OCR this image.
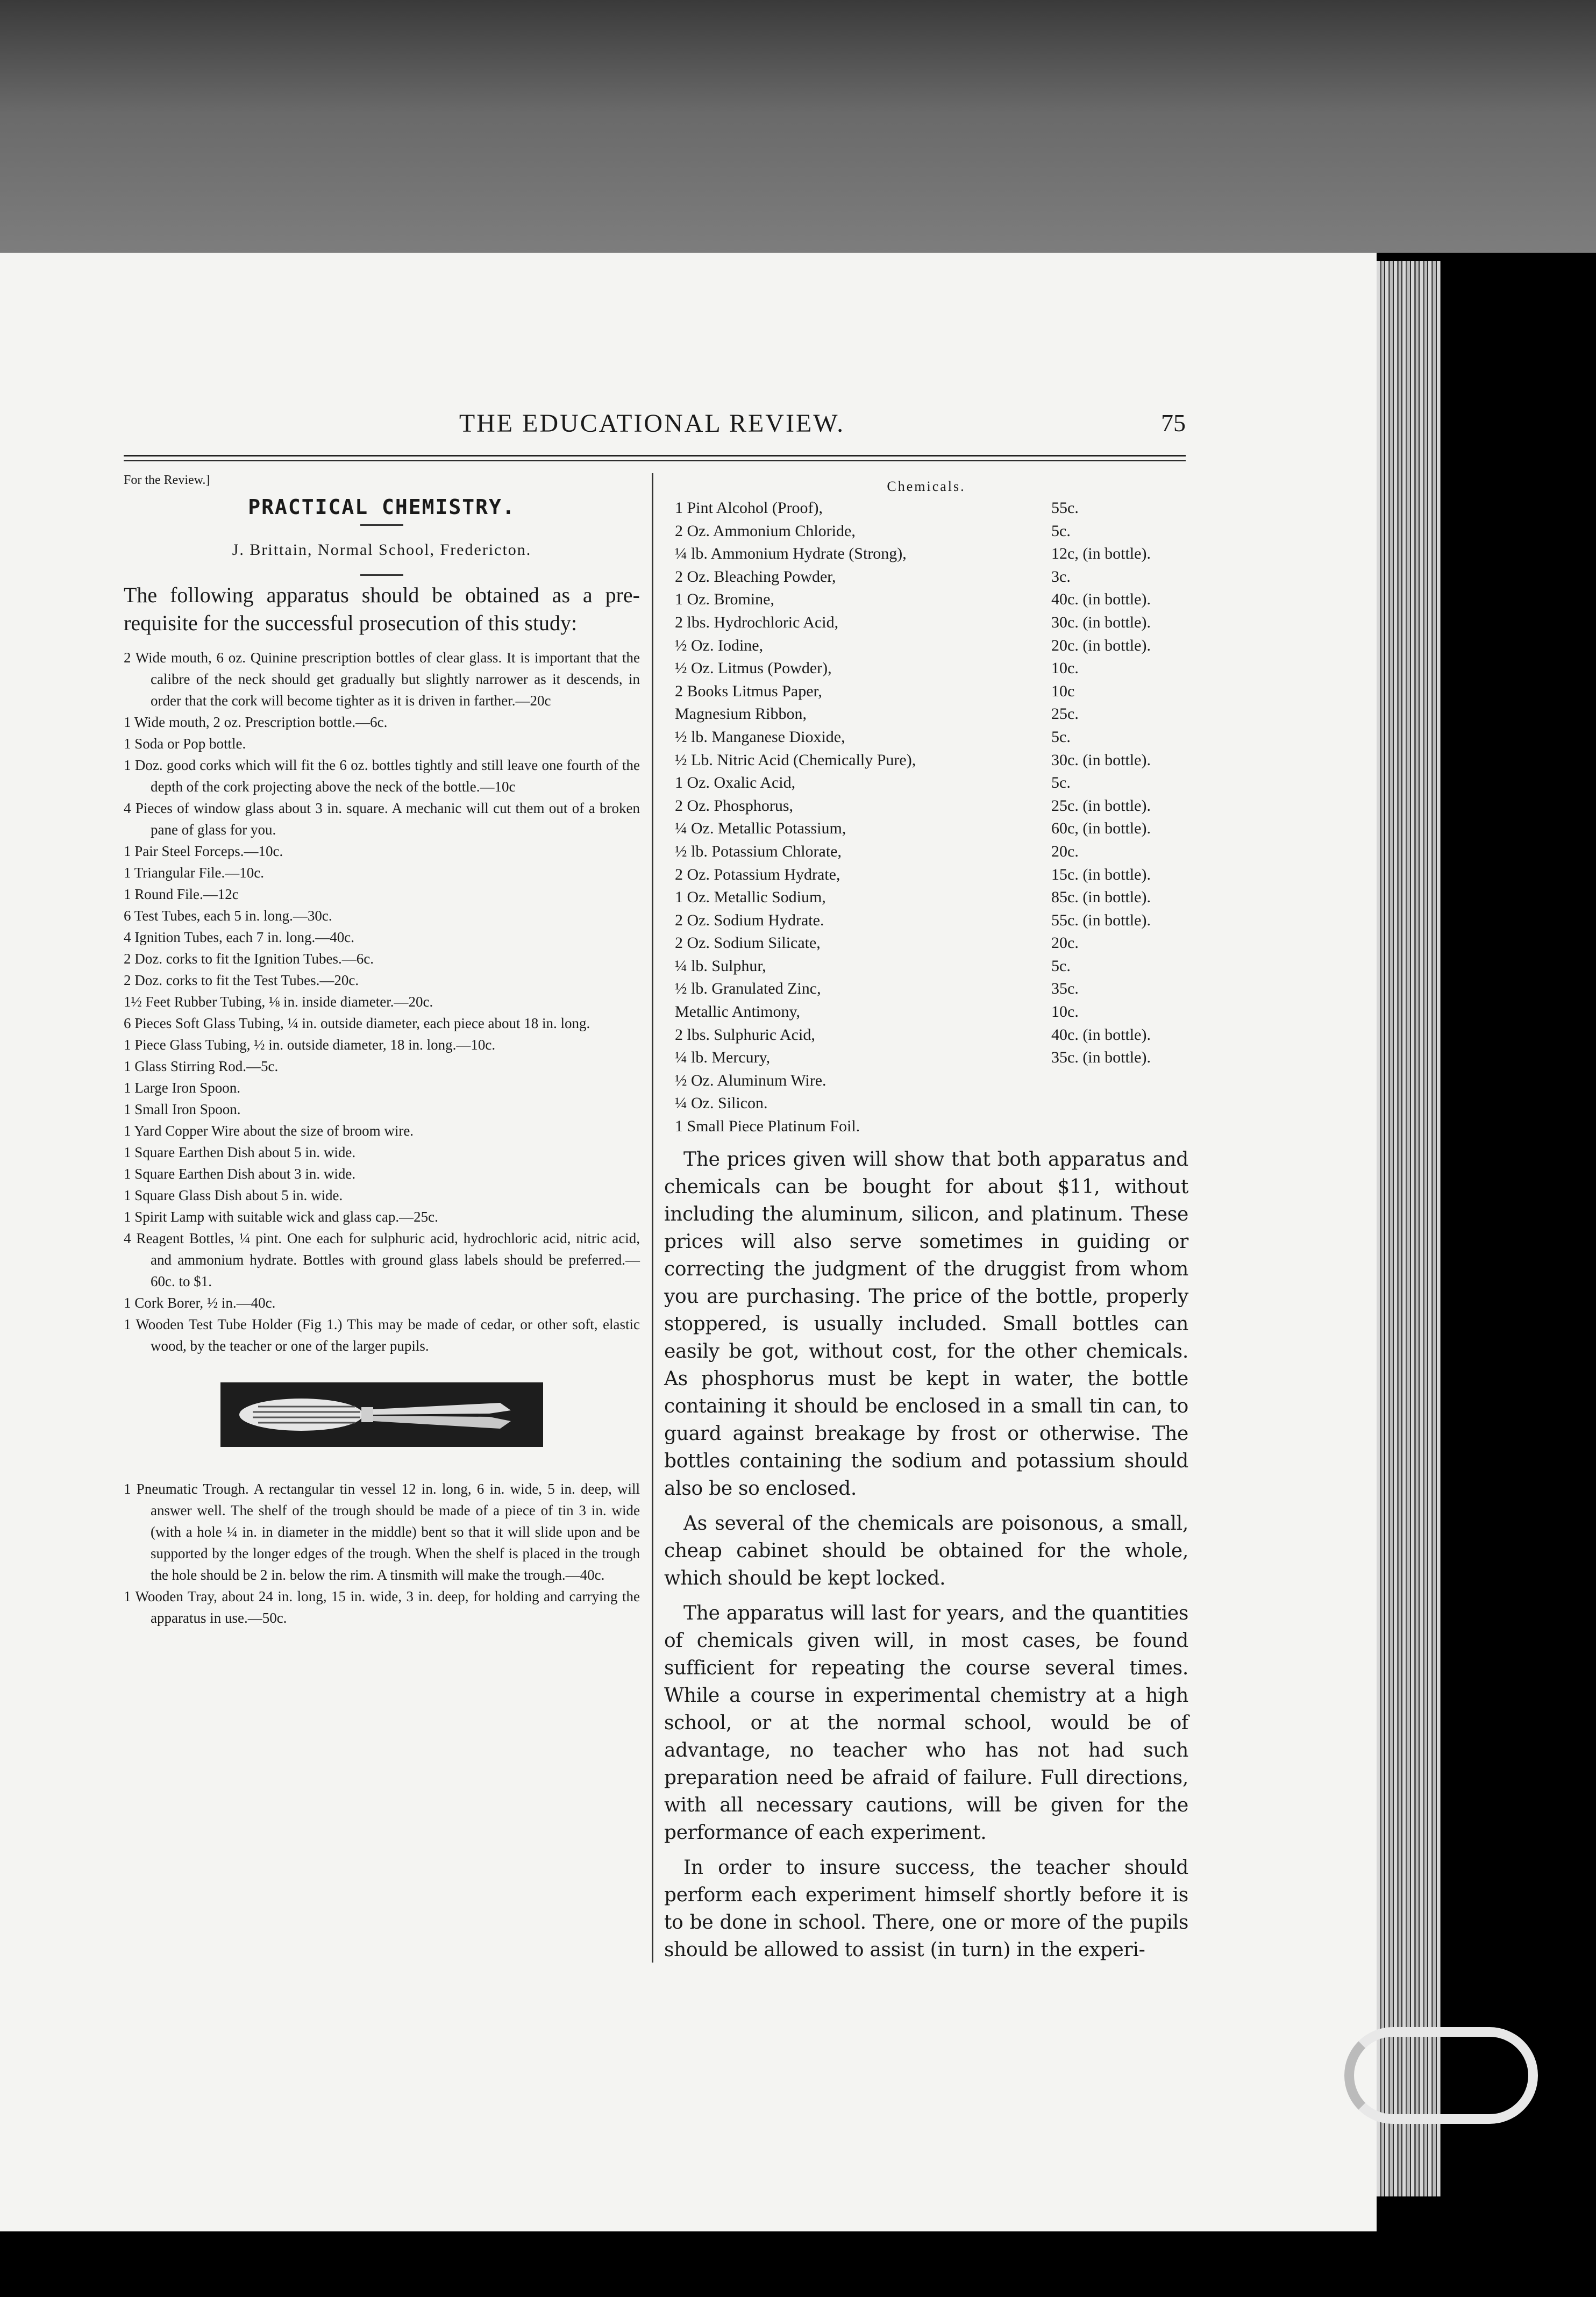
THE EDUCATIONAL REVIEW.	75
For the Review.]
PRACTICAL CHEMISTRY.
J. Brittain, Normal School, Fredericton.

The following apparatus should be obtained as a pre-requisite for the successful prosecution of this study:

2 Wide mouth, 6 oz. Quinine prescription bottles of clear glass. It is important that the calibre of the neck should get gradually but slightly narrower as it descends, in order that the cork will become tighter as it is driven in farther.—20c

1 Wide mouth, 2 oz. Prescription bottle.—6c.

1 Soda or Pop bottle.

1 Doz. good corks which will fit the 6 oz. bottles tightly and still leave one fourth of the depth of the cork projecting above the neck of the bottle.—10c

4 Pieces of window glass about 3 in. square. A mechanic will cut them out of a broken pane of glass for you.

1 Pair Steel Forceps.—10c.

1 Triangular File.—10c.

1 Round File.—12c

6 Test Tubes, each 5 in. long.—30c.

4 Ignition Tubes, each 7 in. long.—40c.

2 Doz. corks to fit the Ignition Tubes.—6c.

2 Doz. corks to fit the Test Tubes.—20c.

1½ Feet Rubber Tubing, ⅛ in. inside diameter.—20c.

6 Pieces Soft Glass Tubing, ¼ in. outside diameter, each piece about 18 in. long.

1 Piece Glass Tubing, ½ in. outside diameter, 18 in. long.—10c.

1 Glass Stirring Rod.—5c.

1 Large Iron Spoon.

1 Small Iron Spoon.

1 Yard Copper Wire about the size of broom wire.

1 Square Earthen Dish about 5 in. wide.

1 Square Earthen Dish about 3 in. wide.

1 Square Glass Dish about 5 in. wide.

1 Spirit Lamp with suitable wick and glass cap.—25c.

4 Reagent Bottles, ¼ pint. One each for sulphuric acid, hydrochloric acid, nitric acid, and ammonium hydrate. Bottles with ground glass labels should be preferred.—60c. to $1.

1 Cork Borer, ½ in.—40c.

1 Wooden Test Tube Holder (Fig 1.) This may be made of cedar, or other soft, elastic wood, by the teacher or one of the larger pupils.

1 Pneumatic Trough. A rectangular tin vessel 12 in. long, 6 in. wide, 5 in. deep, will answer well. The shelf of the trough should be made of a piece of tin 3 in. wide (with a hole ¼ in. in diameter in the middle) bent so that it will slide upon and be supported by the longer edges of the trough. When the shelf is placed in the trough the hole should be 2 in. below the rim. A tinsmith will make the trough.—40c.

1 Wooden Tray, about 24 in. long, 15 in. wide, 3 in. deep, for holding and carrying the apparatus in use.—50c.

Chemicals.
1 Pint Alcohol (Proof),	55c.
2 Oz. Ammonium Chloride,	5c.
¼ lb. Ammonium Hydrate (Strong),	12c, (in bottle).
2 Oz. Bleaching Powder,	3c.
1 Oz. Bromine,	40c. (in bottle).
2 lbs. Hydrochloric Acid,	30c. (in bottle).
½ Oz. Iodine,	20c. (in bottle).
½ Oz. Litmus (Powder),	10c.
2 Books Litmus Paper,	10c
Magnesium Ribbon,	25c.
½ lb. Manganese Dioxide,	5c.
½ Lb. Nitric Acid (Chemically Pure),	30c. (in bottle).
1 Oz. Oxalic Acid,	5c.
2 Oz. Phosphorus,	25c. (in bottle).
¼ Oz. Metallic Potassium,	60c, (in bottle).
½ lb. Potassium Chlorate,	20c.
2 Oz. Potassium Hydrate,	15c. (in bottle).
1 Oz. Metallic Sodium,	85c. (in bottle).
2 Oz. Sodium Hydrate.	55c. (in bottle).
2 Oz. Sodium Silicate,	20c.
¼ lb. Sulphur,	5c.
½ lb. Granulated Zinc,	35c.
Metallic Antimony,	10c.
2 lbs. Sulphuric Acid,	40c. (in bottle).
¼ lb. Mercury,	35c. (in bottle).
½ Oz. Aluminum Wire.
¼ Oz. Silicon.
1 Small Piece Platinum Foil.

The prices given will show that both apparatus and chemicals can be bought for about $11, without including the aluminum, silicon, and platinum. These prices will also serve sometimes in guiding or correcting the judgment of the druggist from whom you are purchasing. The price of the bottle, properly stoppered, is usually included. Small bottles can easily be got, without cost, for the other chemicals. As phosphorus must be kept in water, the bottle containing it should be enclosed in a small tin can, to guard against breakage by frost or otherwise. The bottles containing the sodium and potassium should also be so enclosed.

As several of the chemicals are poisonous, a small, cheap cabinet should be obtained for the whole, which should be kept locked.

The apparatus will last for years, and the quantities of chemicals given will, in most cases, be found sufficient for repeating the course several times. While a course in experimental chemistry at a high school, or at the normal school, would be of advantage, no teacher who has not had such preparation need be afraid of failure. Full directions, with all necessary cautions, will be given for the performance of each experiment.

In order to insure success, the teacher should perform each experiment himself shortly before it is to be done in school. There, one or more of the pupils should be allowed to assist (in turn) in the experi-
